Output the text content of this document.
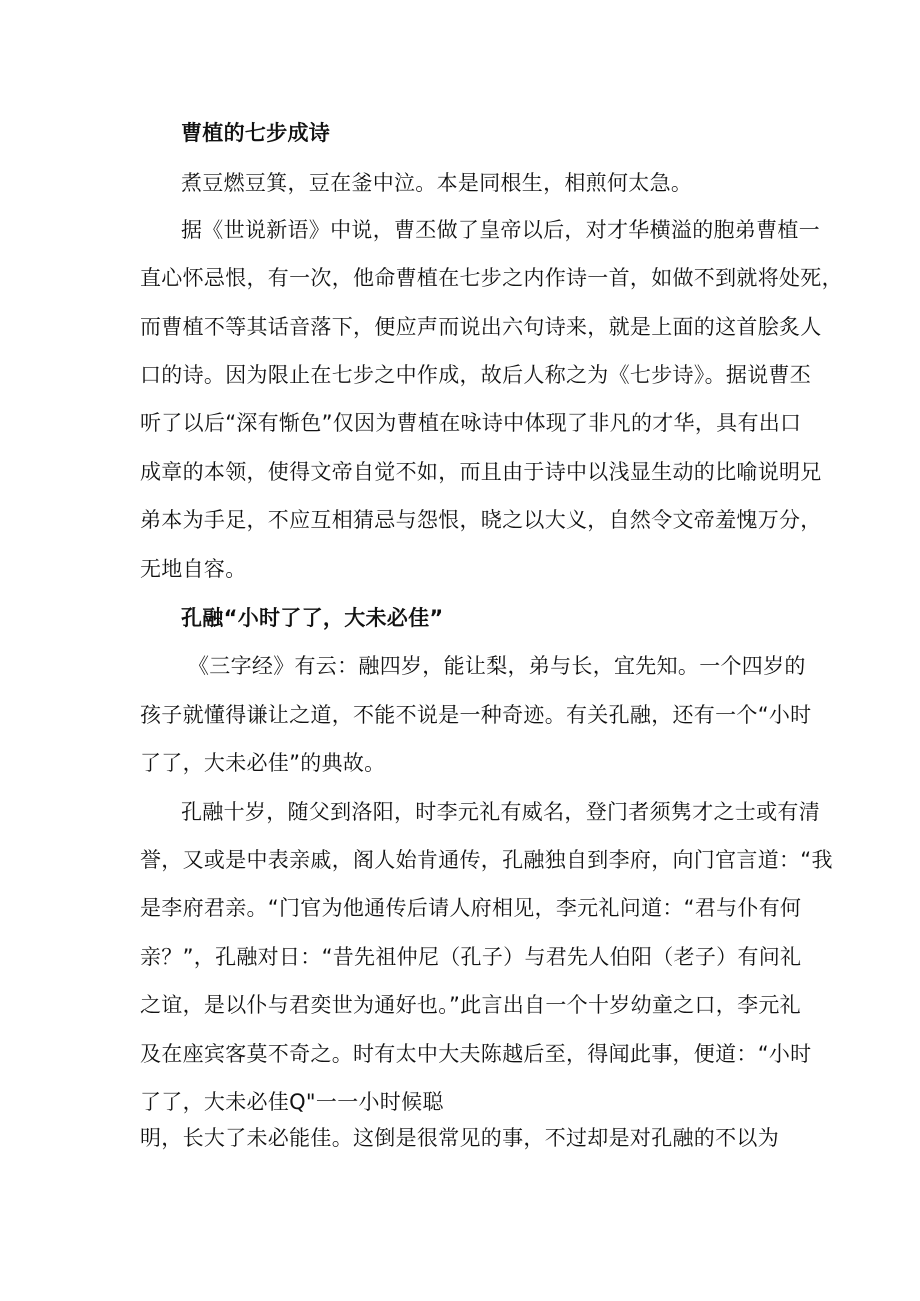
曹植的七步成诗
煮豆燃豆箕，豆在釜中泣。本是同根生，相煎何太急。
据《世说新语》中说，曹丕做了皇帝以后，对才华横溢的胞弟曹植一
直心怀忌恨，有一次，他命曹植在七步之内作诗一首，如做不到就将处死，
而曹植不等其话音落下，便应声而说出六句诗来，就是上面的这首脍炙人
口的诗。因为限止在七步之中作成，故后人称之为《七步诗》。据说曹丕
听了以后“深有惭色”仅因为曹植在咏诗中体现了非凡的才华，具有出口
成章的本领，使得文帝自觉不如，而且由于诗中以浅显生动的比喻说明兄
弟本为手足，不应互相猜忌与怨恨，晓之以大义，自然令文帝羞愧万分，
无地自容。
孔融“小时了了，大未必佳”
《三字经》有云：融四岁，能让梨，弟与长，宜先知。一个四岁的
孩子就懂得谦让之道，不能不说是一种奇迹。有关孔融，还有一个“小时
了了，大未必佳”的典故。
孔融十岁，随父到洛阳，时李元礼有威名，登门者须隽才之士或有清
誉，又或是中表亲戚，阁人始肯通传，孔融独自到李府，向门官言道：“我
是李府君亲。“门官为他通传后请人府相见，李元礼问道：“君与仆有何
亲？”，孔融对日：“昔先祖仲尼（孔子）与君先人伯阳（老子）有问礼
之谊，是以仆与君奕世为通好也。”此言出自一个十岁幼童之口，李元礼
及在座宾客莫不奇之。时有太中大夫陈越后至，得闻此事，便道：“小时
了了，大未必佳Q"一一小时候聪
明，长大了未必能佳。这倒是很常见的事，不过却是对孔融的不以为
